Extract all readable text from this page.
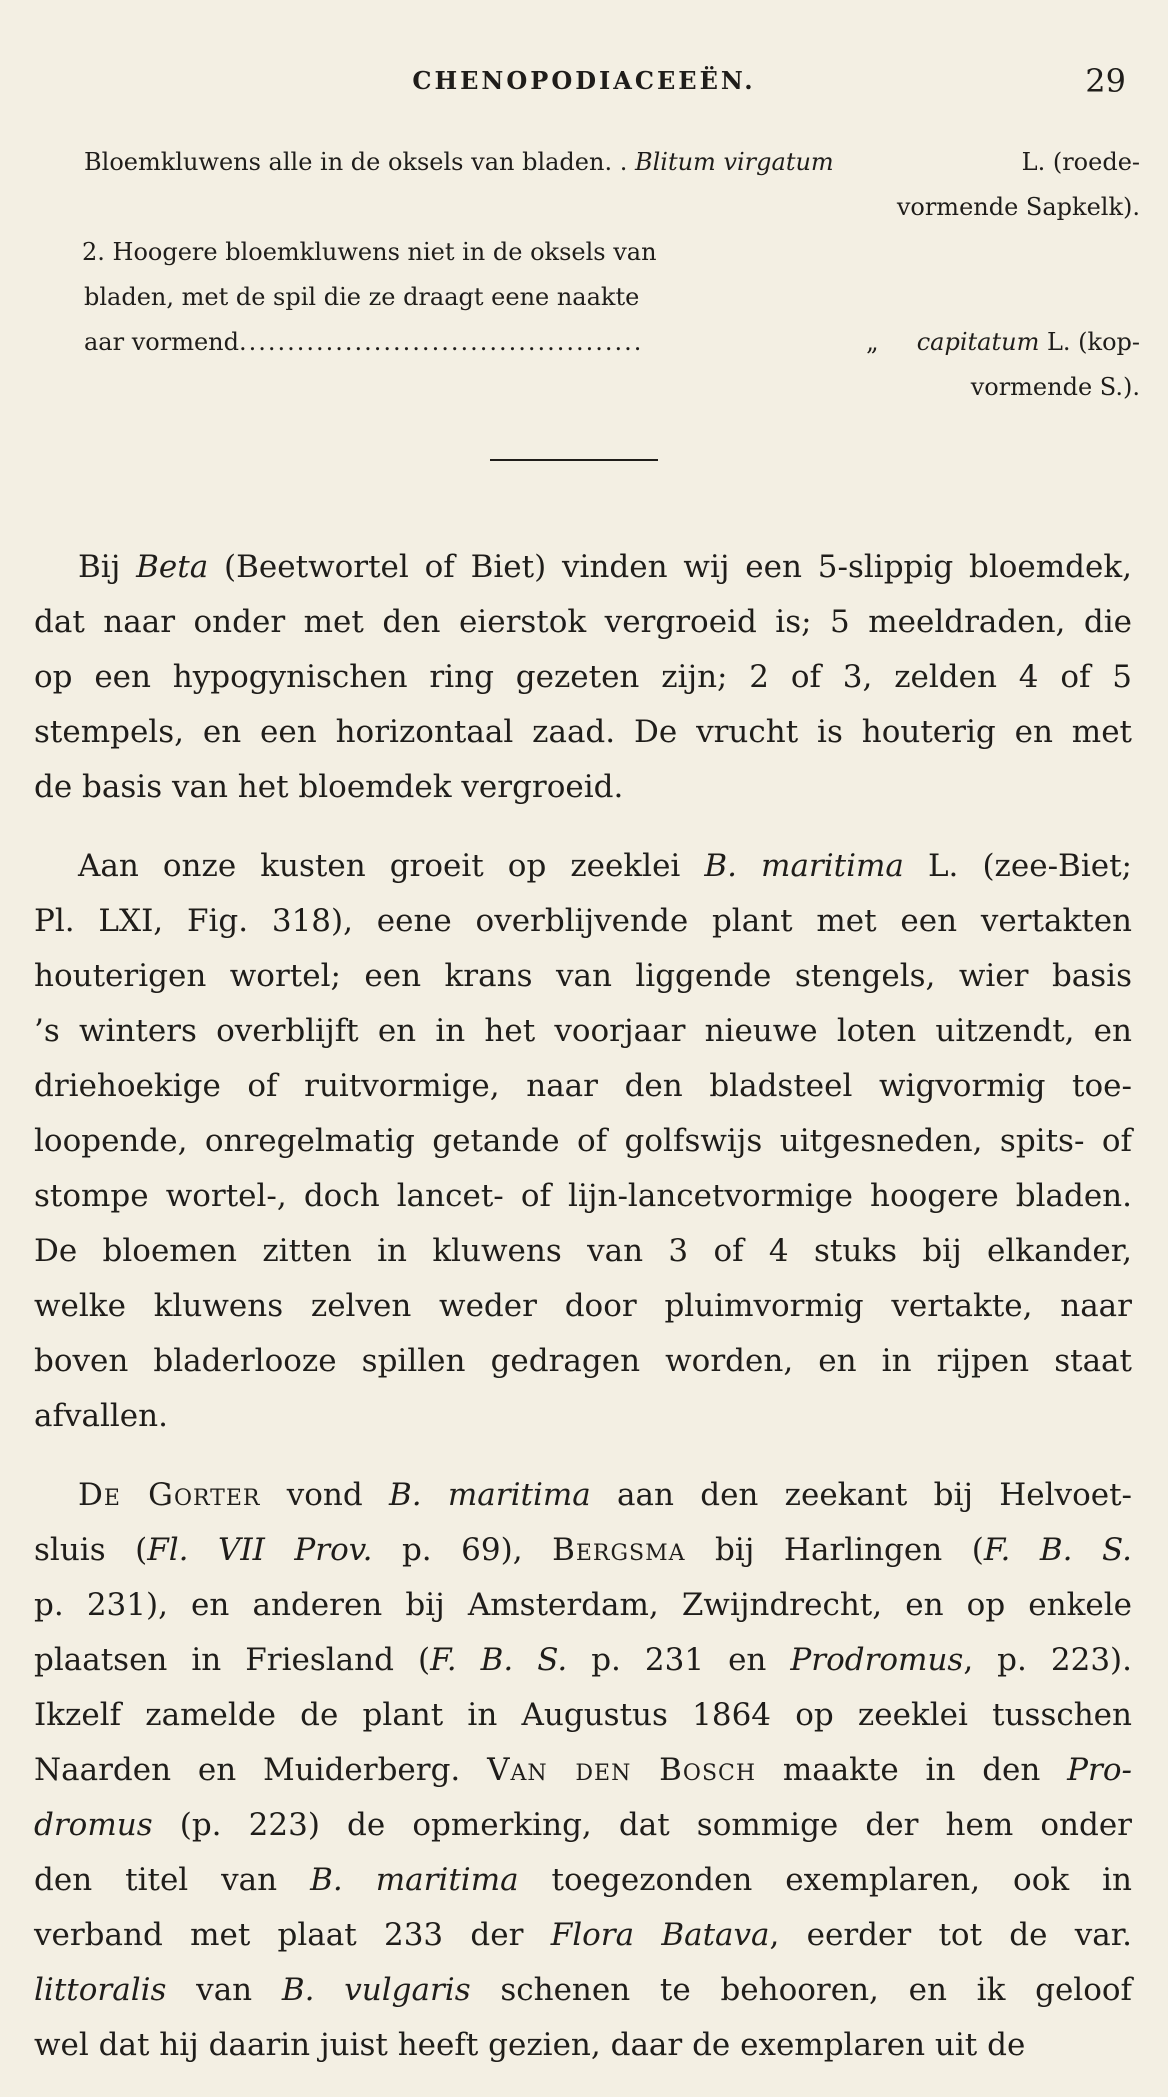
CHENOPODIACEEËN.	29
Bloemkluwens alle in de oksels van bladen. . Blitum virgatum	L. (roede-
vormende Sapkelk).
2. Hoogere bloemkluwens niet in de oksels van
bladen, met de spil die ze draagt eene naakte
aar vormend..........................................	„ capitatum L. (kop-
vormende S.).

Bij Beta (Beetwortel of Biet) vinden wij een 5-slippig bloemdek,
dat naar onder met den eierstok vergroeid is; 5 meeldraden, die
op een hypogynischen ring gezeten zijn; 2 of 3, zelden 4 of 5
stempels, en een horizontaal zaad. De vrucht is houterig en met
de basis van het bloemdek vergroeid.

Aan onze kusten groeit op zeeklei B. maritima L. (zee-Biet;
Pl. LXI, Fig. 318), eene overblijvende plant met een vertakten
houterigen wortel; een krans van liggende stengels, wier basis
’s winters overblijft en in het voorjaar nieuwe loten uitzendt, en
driehoekige of ruitvormige, naar den bladsteel wigvormig toe-
loopende, onregelmatig getande of golfswijs uitgesneden, spits- of
stompe wortel-, doch lancet- of lijn-lancetvormige hoogere bladen.
De bloemen zitten in kluwens van 3 of 4 stuks bij elkander,
welke kluwens zelven weder door pluimvormig vertakte, naar
boven bladerlooze spillen gedragen worden, en in rijpen staat
afvallen.

De Gorter vond B. maritima aan den zeekant bij Helvoet-
sluis (Fl. VII Prov. p. 69), Bergsma bij Harlingen (F. B. S.
p. 231), en anderen bij Amsterdam, Zwijndrecht, en op enkele
plaatsen in Friesland (F. B. S. p. 231 en Prodromus, p. 223).
Ikzelf zamelde de plant in Augustus 1864 op zeeklei tusschen
Naarden en Muiderberg. Van den Bosch maakte in den Pro-
dromus (p. 223) de opmerking, dat sommige der hem onder
den titel van B. maritima toegezonden exemplaren, ook in
verband met plaat 233 der Flora Batava, eerder tot de var.
littoralis van B. vulgaris schenen te behooren, en ik geloof
wel dat hij daarin juist heeft gezien, daar de exemplaren uit de
